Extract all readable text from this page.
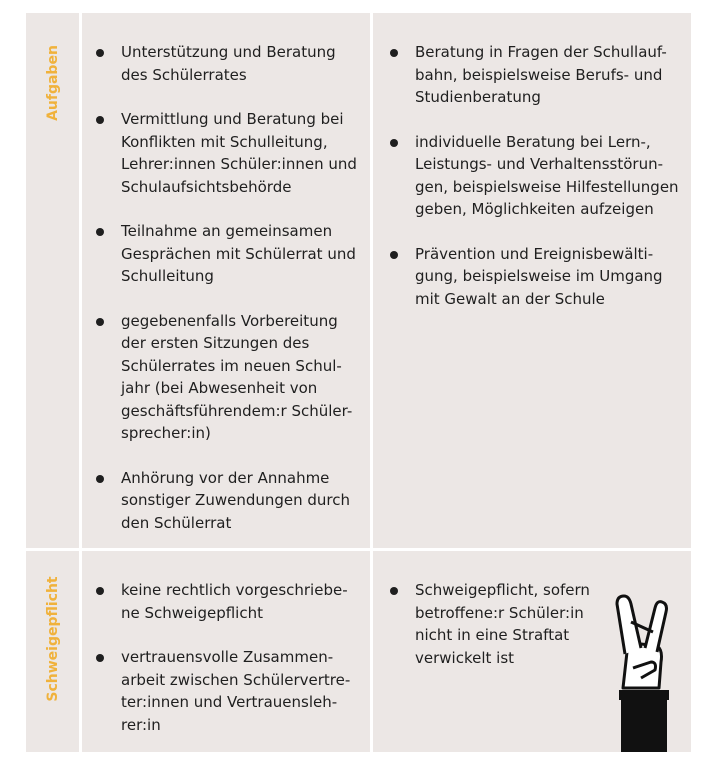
Aufgaben	Unterstützung und Beratung
des Schülerrates
Vermittlung und Beratung bei
Konflikten mit Schulleitung,
Lehrer:innen Schüler:innen und
Schulaufsichtsbehörde
Teilnahme an gemeinsamen
Gesprächen mit Schülerrat und
Schulleitung
gegebenenfalls Vorbereitung
der ersten Sitzungen des
Schülerrates im neuen Schul-
jahr (bei Abwesenheit von
geschäftsführendem:r Schüler-
sprecher:in)
Anhörung vor der Annahme
sonstiger Zuwendungen durch
den Schülerrat
Beratung in Fragen der Schullauf-
bahn, beispielsweise Berufs- und
Studienberatung
individuelle Beratung bei Lern-,
Leistungs- und Verhaltensstörun-
gen, beispielsweise Hilfestellungen
geben, Möglichkeiten aufzeigen
Prävention und Ereignisbewälti-
gung, beispielsweise im Umgang
mit Gewalt an der Schule
Schweigepflicht	keine rechtlich vorgeschriebe-
ne Schweigepflicht
vertrauensvolle Zusammen-
arbeit zwischen Schülervertre-
ter:innen und Vertrauensleh-
rer:in
Schweigepflicht, sofern
betroffene:r Schüler:in
nicht in eine Straftat
verwickelt ist
